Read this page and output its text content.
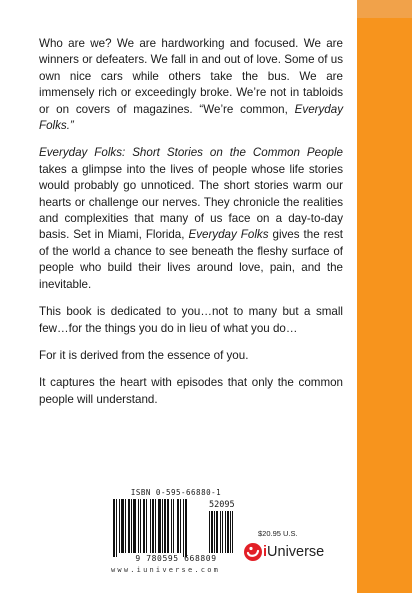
Who are we? We are hardworking and focused. We are winners or defeaters. We fall in and out of love. Some of us own nice cars while others take the bus. We are immensely rich or exceedingly broke. We’re not in tabloids or on covers of magazines. “We’re common, Everyday Folks.”

Everyday Folks: Short Stories on the Common People takes a glimpse into the lives of people whose life stories would probably go unnoticed. The short stories warm our hearts or challenge our nerves. They chronicle the realities and complexities that many of us face on a day-to-day basis. Set in Miami, Florida, Everyday Folks gives the rest of the world a chance to see beneath the fleshy surface of people who build their lives around love, pain, and the inevitable.

This book is dedicated to you…not to many but a small few…for the things you do in lieu of what you do…

For it is derived from the essence of you.

It captures the heart with episodes that only the common people will understand.

ISBN 0-595-66880-1
52095
9 780595 668809
www.iuniverse.com
$20.95 U.S.
iUniverse
